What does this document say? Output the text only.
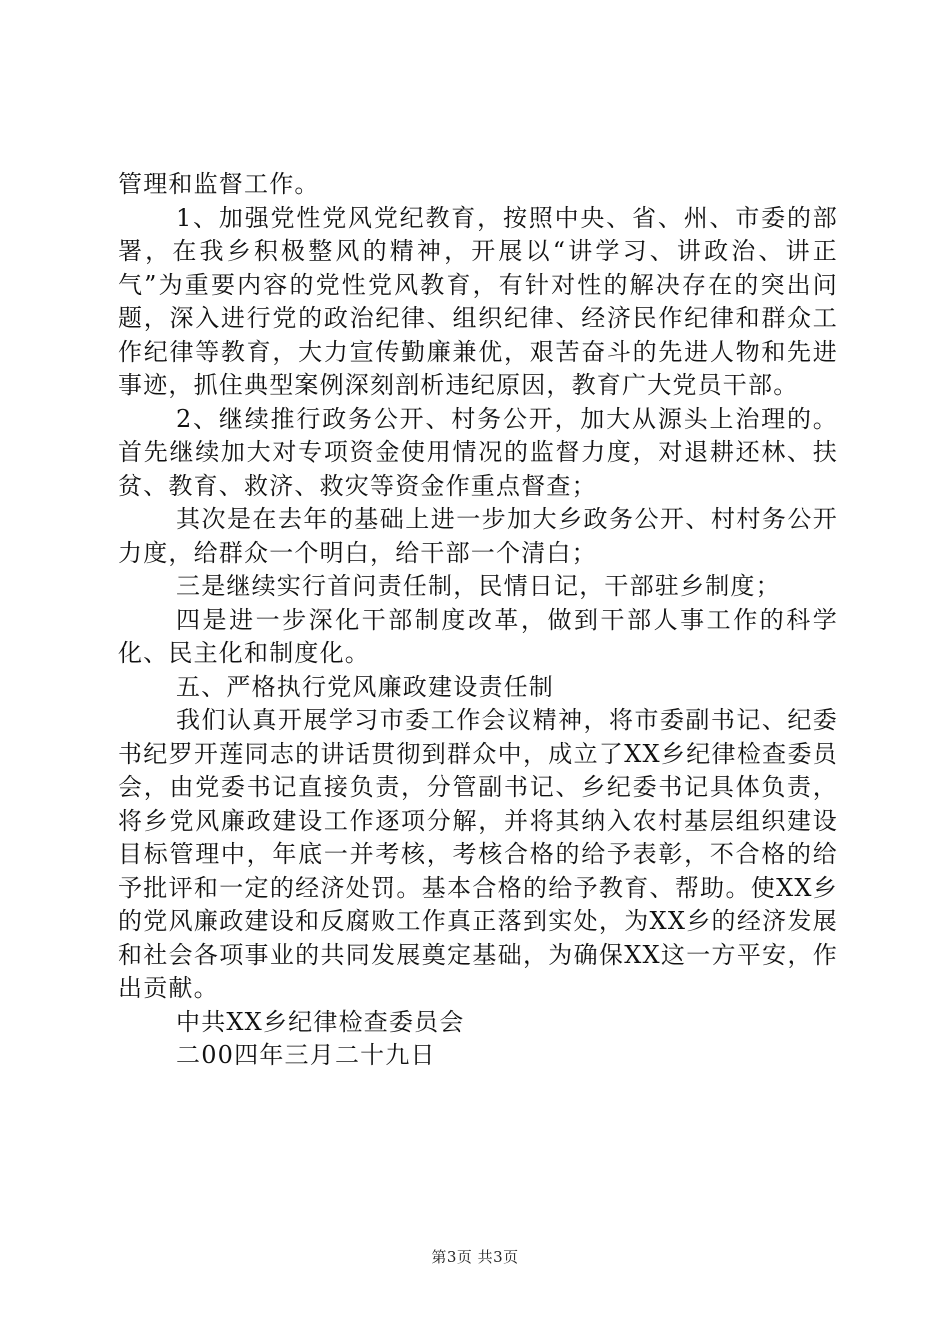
管理和监督工作。

1、加强党性党风党纪教育，按照中央、省、州、市委的部署，在我乡积极整风的精神，开展以“讲学习、讲政治、讲正气”为重要内容的党性党风教育，有针对性的解决存在的突出问题，深入进行党的政治纪律、组织纪律、经济民作纪律和群众工作纪律等教育，大力宣传勤廉兼优，艰苦奋斗的先进人物和先进事迹，抓住典型案例深刻剖析违纪原因，教育广大党员干部。

2、继续推行政务公开、村务公开，加大从源头上治理的。首先继续加大对专项资金使用情况的监督力度，对退耕还林、扶贫、教育、救济、救灾等资金作重点督查；

其次是在去年的基础上进一步加大乡政务公开、村村务公开力度，给群众一个明白，给干部一个清白；

三是继续实行首问责任制，民情日记，干部驻乡制度；

四是进一步深化干部制度改革，做到干部人事工作的科学化、民主化和制度化。

五、严格执行党风廉政建设责任制

我们认真开展学习市委工作会议精神，将市委副书记、纪委书纪罗开莲同志的讲话贯彻到群众中，成立了XX乡纪律检查委员会，由党委书记直接负责，分管副书记、乡纪委书记具体负责，将乡党风廉政建设工作逐项分解，并将其纳入农村基层组织建设目标管理中，年底一并考核，考核合格的给予表彰，不合格的给予批评和一定的经济处罚。基本合格的给予教育、帮助。使XX乡的党风廉政建设和反腐败工作真正落到实处，为XX乡的经济发展和社会各项事业的共同发展奠定基础，为确保XX这一方平安，作出贡献。

中共XX乡纪律检查委员会

二00四年三月二十九日

第3页 共3页
